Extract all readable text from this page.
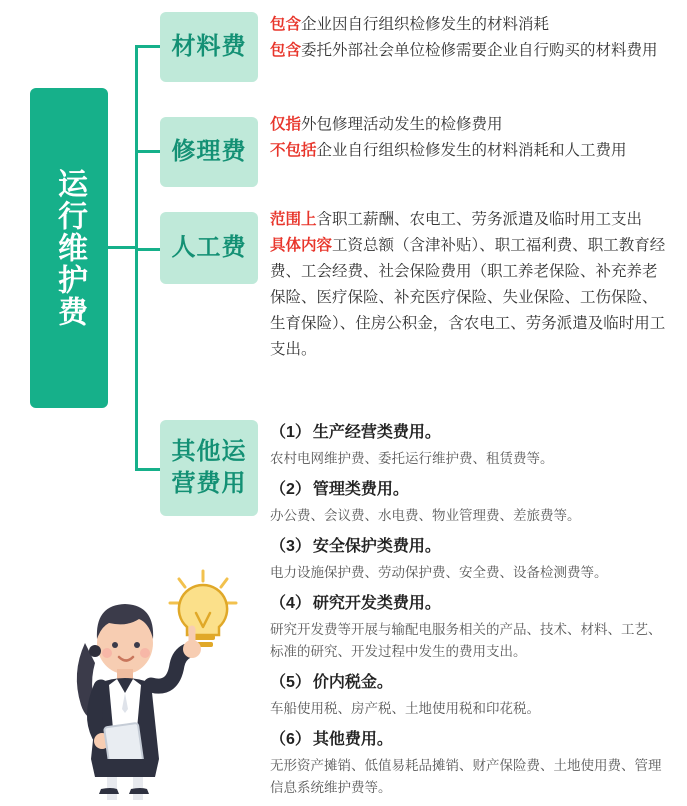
运行维护费
材料费

包含企业因自行组织检修发生的材料消耗

包含委托外部社会单位检修需要企业自行购买的材料费用

修理费

仅指外包修理活动发生的检修费用

不包括企业自行组织检修发生的材料消耗和人工费用

人工费

范围上含职工薪酬、农电工、劳务派遣及临时用工支出

具体内容工资总额（含津补贴）、职工福利费、职工教育经费、工会经费、社会保险费用（职工养老保险、补充养老保险、医疗保险、补充医疗保险、失业保险、工伤保险、生育保险）、住房公积金，含农电工、劳务派遣及临时用工支出。

其他运营费用

（1） 生产经营类费用。

农村电网维护费、委托运行维护费、租赁费等。

（2） 管理类费用。

办公费、会议费、水电费、物业管理费、差旅费等。

（3） 安全保护类费用。

电力设施保护费、劳动保护费、安全费、设备检测费等。

（4） 研究开发类费用。

研究开发费等开展与输配电服务相关的产品、技术、材料、工艺、标准的研究、开发过程中发生的费用支出。

（5） 价内税金。

车船使用税、房产税、土地使用税和印花税。

（6） 其他费用。

无形资产摊销、低值易耗品摊销、财产保险费、土地使用费、管理信息系统维护费等。
